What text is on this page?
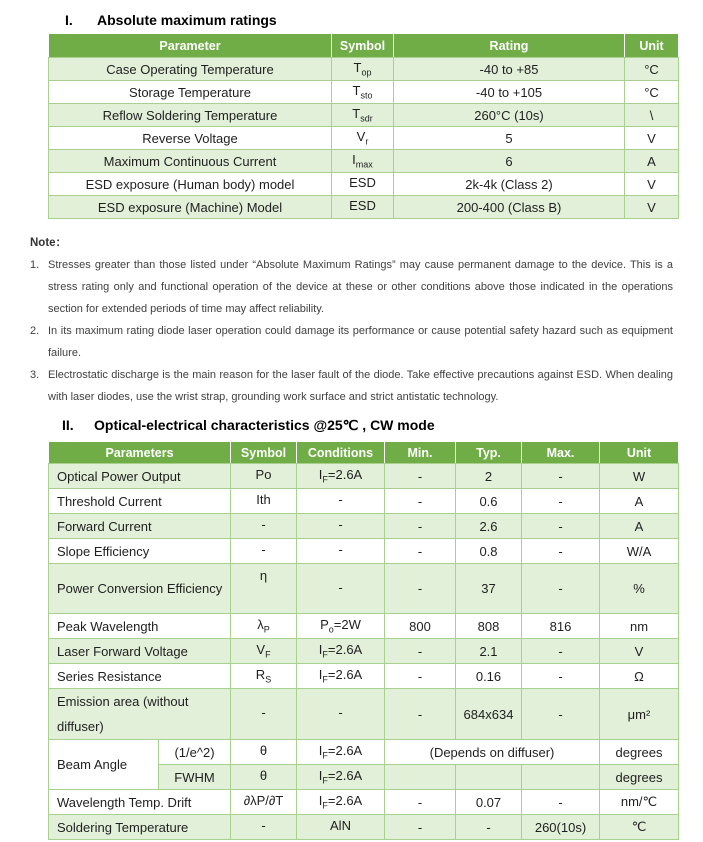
I.	Absolute maximum ratings
Parameter	Symbol	Rating	Unit
Case Operating Temperature	$T_{op}$	-40 to +85	°C
Storage Temperature	$T_{sto}$	-40 to +105	°C
Reflow Soldering Temperature	$T_{sdr}$	260°C (10s)	\
Reverse Voltage	$V_r$	5	V
Maximum Continuous Current	$I_{max}$	6	A
ESD exposure (Human body) model	ESD	2k-4k (Class 2)	V
ESD exposure (Machine) Model	ESD	200-400 (Class B)	V
Note：
1. Stresses greater than those listed under “Absolute Maximum Ratings” may cause permanent damage to the device. This is a stress rating only and functional operation of the device at these or other conditions above those indicated in the operations section for extended periods of time may affect reliability.
2. In its maximum rating diode laser operation could damage its performance or cause potential safety hazard such as equipment failure.
3. Electrostatic discharge is the main reason for the laser fault of the diode. Take effective precautions against ESD. When dealing with laser diodes, use the wrist strap, grounding work surface and strict antistatic technology.
II.	Optical-electrical characteristics @25℃ , CW mode
Parameters		Symbol	Conditions	Min.	Typ.	Max.	Unit
Optical Power Output		Po	$I_F=2.6A$	-	2	-	W
Threshold Current		Ith	-	-	0.6	-	A
Forward Current		-	-	-	2.6	-	A
Slope Efficiency		-	-	-	0.8	-	W/A
Power Conversion Efficiency		η	-	-	37	-	%
Peak Wavelength		$\lambda_P$	$P_o=2W$	800	808	816	nm
Laser Forward Voltage		$V_F$	$I_F=2.6A$	-	2.1	-	V
Series Resistance		$R_S$	$I_F=2.6A$	-	0.16	-	Ω
Emission area (without diffuser)		-	-	-	684x634	-	μm²
Beam Angle	(1/e^2)	θ	$I_F=2.6A$	(Depends on diffuser)			degrees
	FWHM	θ	$I_F=2.6A$				degrees
Wavelength Temp. Drift		∂λP/∂T	$I_F=2.6A$	-	0.07	-	nm/℃
Soldering Temperature		-	AlN	-	-	260(10s)	℃
